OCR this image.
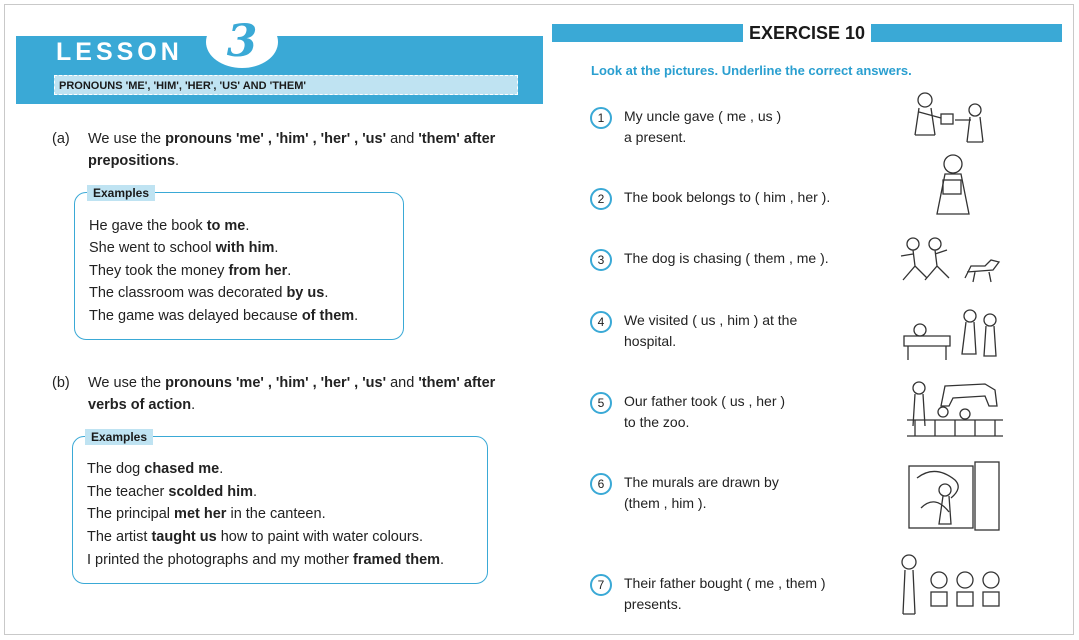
LESSON 3
PRONOUNS 'ME', 'HIM', 'HER', 'US' AND 'THEM'
(a) We use the pronouns 'me' , 'him' , 'her' , 'us' and 'them' after
prepositions.
Examples
He gave the book to me.
She went to school with him.
They took the money from her.
The classroom was decorated by us.
The game was delayed because of them.
(b) We use the pronouns 'me' , 'him' , 'her' , 'us' and 'them' after
verbs of action.
Examples
The dog chased me.
The teacher scolded him.
The principal met her in the canteen.
The artist taught us how to paint with water colours.
I printed the photographs and my mother framed them.
EXERCISE 10
Look at the pictures. Underline the correct answers.
1	My uncle gave ( me , us )
a present.
2	The book belongs to ( him , her ).

3	The dog is chasing ( them , me ).

4	We visited ( us , him ) at the
hospital.
5	Our father took ( us , her )
to the zoo.
6	The murals are drawn by
(them , him ).
7	Their father bought ( me , them )
presents.
